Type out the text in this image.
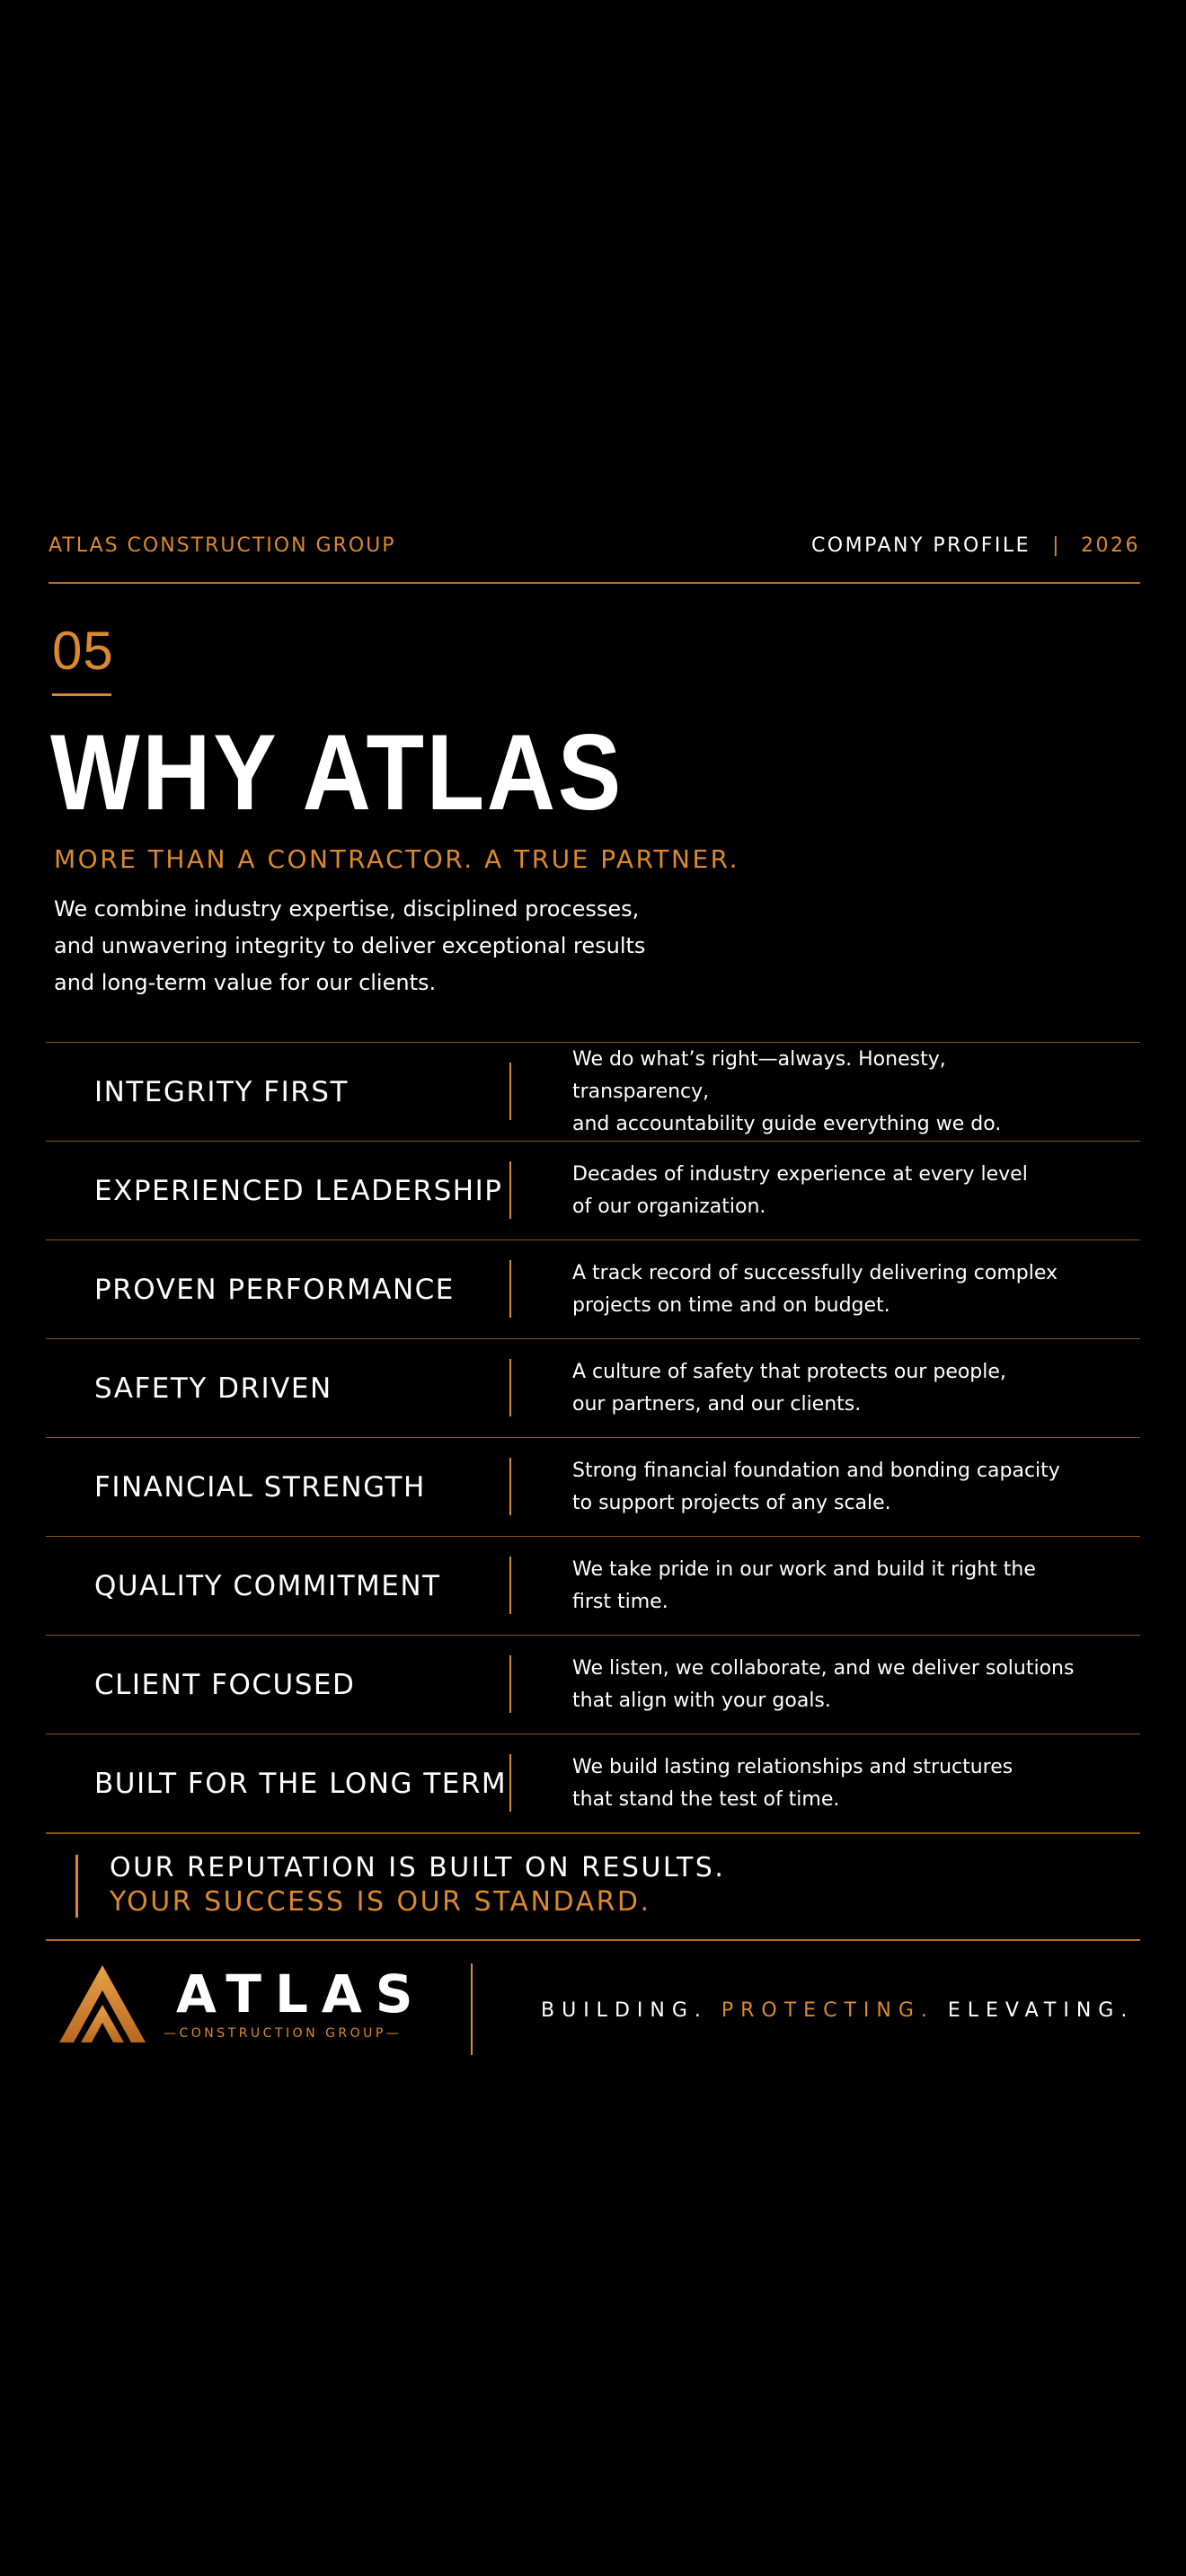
ATLAS CONSTRUCTION GROUP	COMPANY PROFILE | 2026
05
WHY ATLAS
MORE THAN A CONTRACTOR. A TRUE PARTNER.
We combine industry expertise, disciplined processes, and unwavering integrity to deliver exceptional results and long-term value for our clients.
INTEGRITY FIRST
We do what’s right—always. Honesty, transparency,
and accountability guide everything we do.
EXPERIENCED LEADERSHIP
Decades of industry experience at every level
of our organization.
PROVEN PERFORMANCE
A track record of successfully delivering complex
projects on time and on budget.
SAFETY DRIVEN
A culture of safety that protects our people,
our partners, and our clients.
FINANCIAL STRENGTH
Strong financial foundation and bonding capacity
to support projects of any scale.
QUALITY COMMITMENT
We take pride in our work and build it right the
first time.
CLIENT FOCUSED
We listen, we collaborate, and we deliver solutions
that align with your goals.
BUILT FOR THE LONG TERM
We build lasting relationships and structures
that stand the test of time.
OUR REPUTATION IS BUILT ON RESULTS.
YOUR SUCCESS IS OUR STANDARD.
ATLAS
—CONSTRUCTION GROUP—
BUILDING. PROTECTING. ELEVATING.
